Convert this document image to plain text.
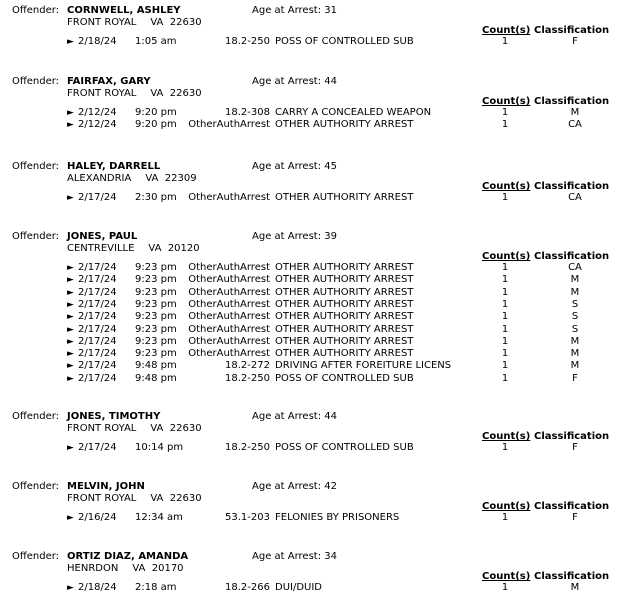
Offender: CORNWELL, ASHLEY	Age at Arrest: 31
FRONT ROYAL VA  22630
Count(s) Classification
► 2/18/24 1:05 am	18.2-250 POSS OF CONTROLLED SUB	1	F
Offender: FAIRFAX, GARY	Age at Arrest: 44
FRONT ROYAL VA  22630
Count(s) Classification
► 2/12/24 9:20 pm	18.2-308 CARRY A CONCEALED WEAPON	1	M
► 2/12/24 9:20 pm OtherAuthArrest OTHER AUTHORITY ARREST	1	CA
Offender: HALEY, DARRELL	Age at Arrest: 45
ALEXANDRIA VA  22309
Count(s) Classification
► 2/17/24 2:30 pm OtherAuthArrest OTHER AUTHORITY ARREST	1	CA
Offender: JONES, PAUL	Age at Arrest: 39
CENTREVILLE VA  20120
Count(s) Classification
► 2/17/24 9:23 pm OtherAuthArrest OTHER AUTHORITY ARREST	1	CA
► 2/17/24 9:23 pm OtherAuthArrest OTHER AUTHORITY ARREST	1	M
► 2/17/24 9:23 pm OtherAuthArrest OTHER AUTHORITY ARREST	1	M
► 2/17/24 9:23 pm OtherAuthArrest OTHER AUTHORITY ARREST	1	S
► 2/17/24 9:23 pm OtherAuthArrest OTHER AUTHORITY ARREST	1	S
► 2/17/24 9:23 pm OtherAuthArrest OTHER AUTHORITY ARREST	1	S
► 2/17/24 9:23 pm OtherAuthArrest OTHER AUTHORITY ARREST	1	M
► 2/17/24 9:23 pm OtherAuthArrest OTHER AUTHORITY ARREST	1	M
► 2/17/24 9:48 pm	18.2-272 DRIVING AFTER FOREITURE LICENS	1	M
► 2/17/24 9:48 pm	18.2-250 POSS OF CONTROLLED SUB	1	F
Offender: JONES, TIMOTHY	Age at Arrest: 44
FRONT ROYAL VA  22630
Count(s) Classification
► 2/17/24 10:14 pm	18.2-250 POSS OF CONTROLLED SUB	1	F
Offender: MELVIN, JOHN	Age at Arrest: 42
FRONT ROYAL VA  22630
Count(s) Classification
► 2/16/24 12:34 am	53.1-203 FELONIES BY PRISONERS	1	F
Offender: ORTIZ DIAZ, AMANDA	Age at Arrest: 34
HENRDON VA  20170
Count(s) Classification
► 2/18/24 2:18 am	18.2-266 DUI/DUID	1	M
